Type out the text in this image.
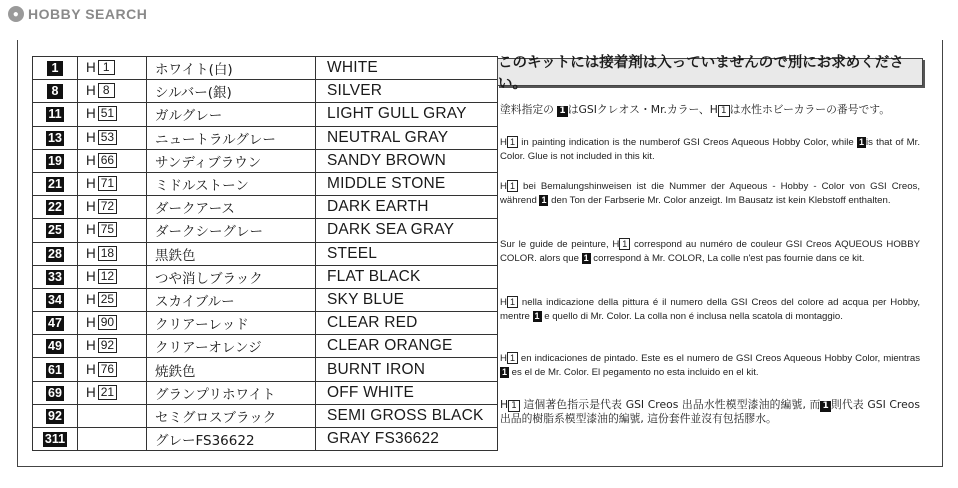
● HOBBY SEARCH
1	H 1	ホワイト(白)	WHITE
8	H 8	シルバー(銀)	SILVER
11	H 51	ガルグレー	LIGHT GULL GRAY
13	H 53	ニュートラルグレー	NEUTRAL GRAY
19	H 66	サンディブラウン	SANDY BROWN
21	H 71	ミドルストーン	MIDDLE STONE
22	H 72	ダークアース	DARK EARTH
25	H 75	ダークシーグレー	DARK SEA GRAY
28	H 18	黒鉄色	STEEL
33	H 12	つや消しブラック	FLAT BLACK
34	H 25	スカイブルー	SKY BLUE
47	H 90	クリアーレッド	CLEAR RED
49	H 92	クリアーオレンジ	CLEAR ORANGE
61	H 76	焼鉄色	BURNT IRON
69	H 21	グランプリホワイト	OFF WHITE
92		セミグロスブラック	SEMI GROSS BLACK
311		グレーFS36622	GRAY FS36622
このキットには接着剤は入っていませんので別にお求めください。
塗料指定の 1 はGSIクレオス・Mr.カラー、H 1 は水性ホビーカラーの番号です。
H 1 in painting indication is the numberof GSI Creos Aqueous Hobby Color, while 1 is that of Mr. Color. Glue is not included in this kit.
H 1 bei Bemalungshinweisen ist die Nummer der Aqueous - Hobby - Color von GSI Creos, während 1 den Ton der Farbserie Mr. Color anzeigt. Im Bausatz ist kein Klebstoff enthalten.
Sur le guide de peinture, H 1 correspond au numéro de couleur GSI Creos AQUEOUS HOBBY COLOR. alors que 1 correspond à Mr. COLOR, La colle n'est pas fournie dans ce kit.
H 1 nella indicazione della pittura é il numero della GSI Creos del colore ad acqua per Hobby, mentre 1 e quello di Mr. Color. La colla non é inclusa nella scatola di montaggio.
H 1 en indicaciones de pintado. Este es el numero de GSI Creos Aqueous Hobby Color, mientras 1 es el de Mr. Color. El pegamento no esta incluido en el kit.
H 1 這個著色指示是代表 GSI Creos 出品水性模型漆油的編號, 而 1 則代表 GSI Creos 出品的樹脂系模型漆油的編號, 這份套件並沒有包括膠水。
